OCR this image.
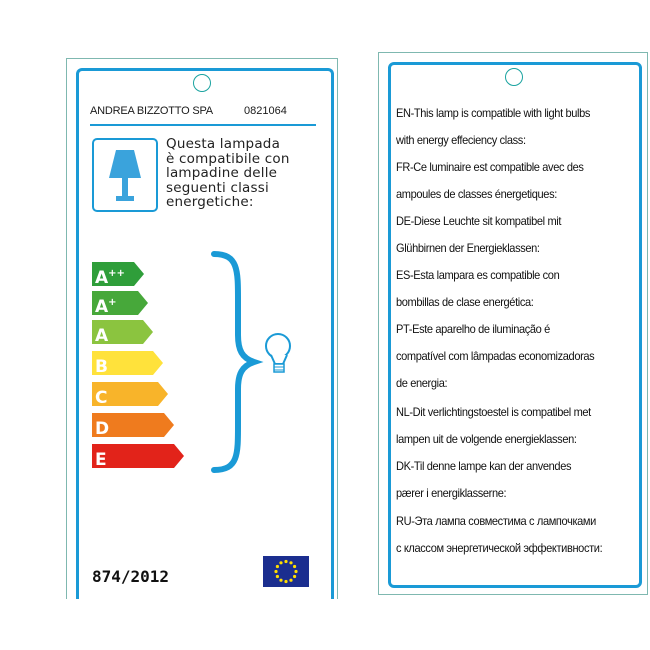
ANDREA BIZZOTTO SPA	0821064
Questa lampada
è compatibile con
lampadine delle
seguenti classi
energetiche:
A++
A+
A
B
C
D
E
874/2012
EN-This lamp is compatible with light bulbs
with energy effeciency class:
FR-Ce luminaire est compatible avec des
ampoules de classes énergetiques:
DE-Diese Leuchte sit kompatibel mit
Glühbirnen der Energieklassen:
ES-Esta lampara es compatible con
bombillas de clase energética:
PT-Este aparelho de iluminação é
compatível com lâmpadas economizadoras
de energia:
NL-Dit verlichtingstoestel is compatibel met
lampen uit de volgende energieklassen:
DK-Til denne lampe kan der anvendes
pærer i energiklasserne:
RU-Эта лампа совместима с лампочками
с классом энергетической эффективности:
